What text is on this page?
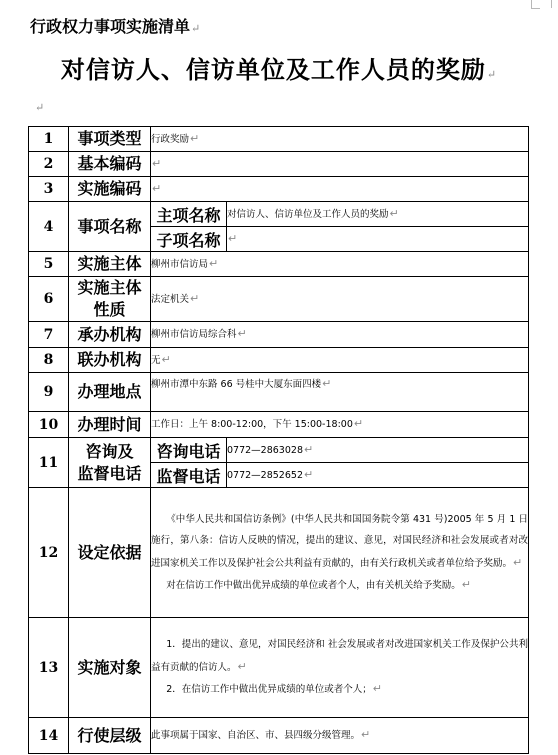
行政权力事项实施清单↵
对信访人、信访单位及工作人员的奖励↵
↵
1	事项类型	行政奖励↵	
2	基本编码	↵	
3	实施编码	↵	
4	事项名称	主项名称	对信访人、信访单位及工作人员的奖励↵
		子项名称	↵
5	实施主体	柳州市信访局↵	
6	实施主体
性质	法定机关↵	
7	承办机构	柳州市信访局综合科↵	
8	联办机构	无↵	
9	办理地点	柳州市潭中东路 66 号桂中大厦东面四楼↵	
10	办理时间	工作日：上午 8:00-12:00，下午 15:00-18:00↵	
11	咨询及
监督电话	咨询电话	0772—2863028↵
		监督电话	0772—2852652↵
12	设定依据	《中华人民共和国信访条例》(中华人民共和国国务院令第 431 号)2005 年 5 月 1 日施行，第八条：信访人反映的情况，提出的建议、意见，对国民经济和社会发展或者对改进国家机关工作以及保护社会公共利益有贡献的，由有关行政机关或者单位给予奖励。↵

对在信访工作中做出优异成绩的单位或者个人，由有关机关给予奖励。↵	

13	实施对象	1．提出的建议、意见，对国民经济和 社会发展或者对改进国家机关工作及保护公共利益有贡献的信访人。↵

2．在信访工作中做出优异成绩的单位或者个人；↵	

14	行使层级	此事项属于国家、自治区、市、县四级分级管理。↵	
